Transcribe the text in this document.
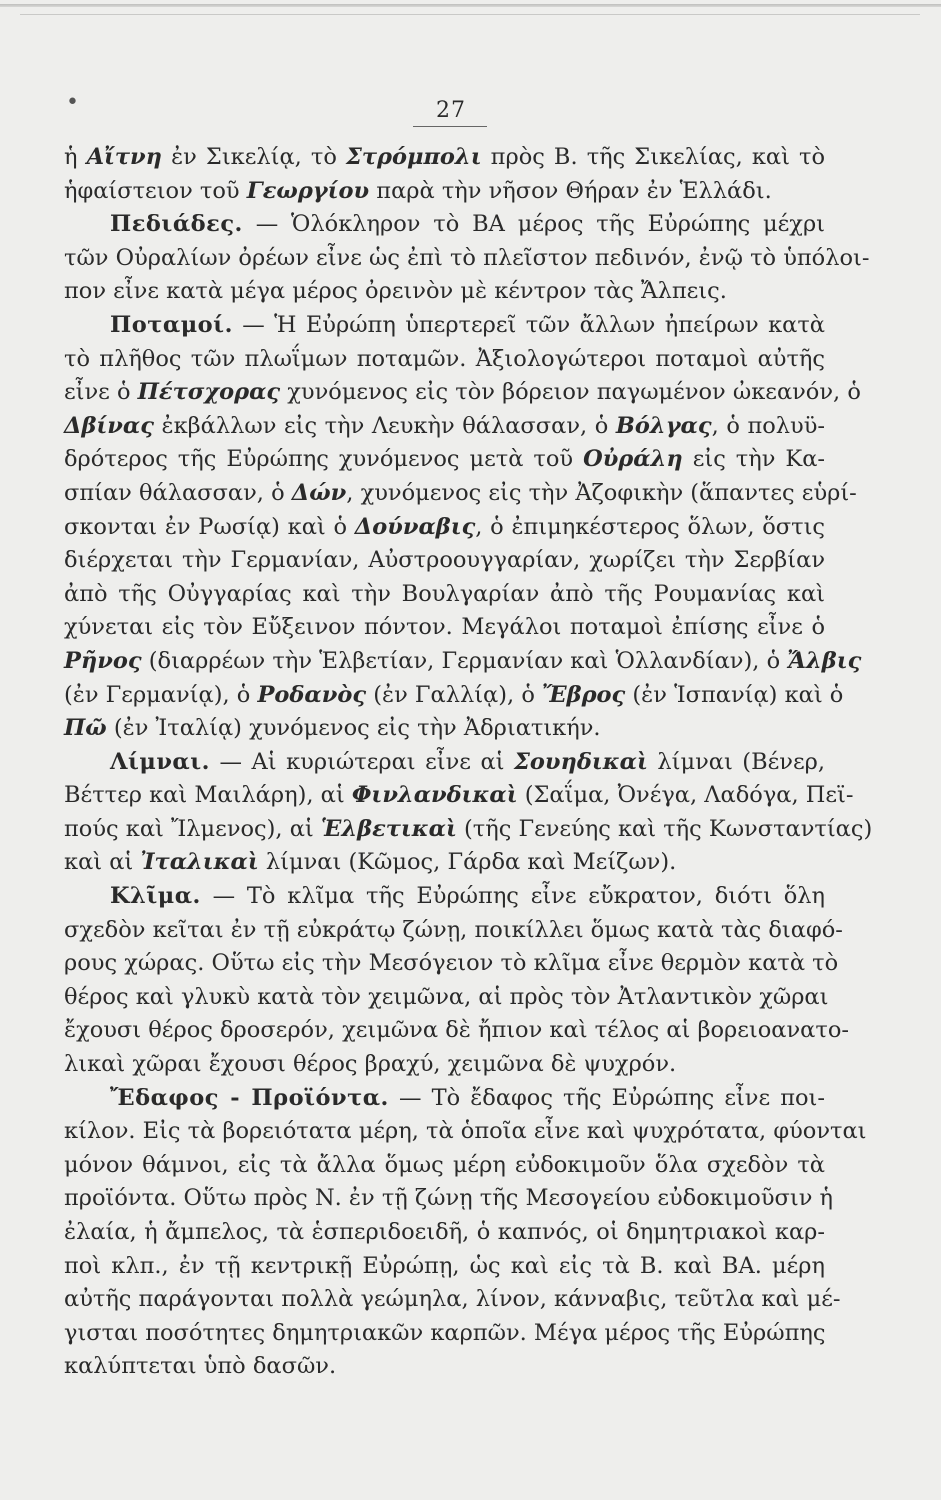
27
•
ἡ Αἴτνη ἐν Σικελίᾳ, τὸ Στρόμπολι πρὸς Β. τῆς Σικελίας, καὶ τὸ
ἡφαίστειον τοῦ Γεωργίου παρὰ τὴν νῆσον Θήραν ἐν Ἑλλάδι.
Πεδιάδες. — Ὁλόκληρον τὸ ΒΑ μέρος τῆς Εὐρώπης μέχρι
τῶν Οὐραλίων ὀρέων εἶνε ὡς ἐπὶ τὸ πλεῖστον πεδινόν, ἐνῷ τὸ ὑπόλοι-
πον εἶνε κατὰ μέγα μέρος ὀρεινὸν μὲ κέντρον τὰς Ἄλπεις.
Ποταμοί. — Ἡ Εὐρώπη ὑπερτερεῖ τῶν ἄλλων ἠπείρων κατὰ
τὸ πλῆθος τῶν πλωΐμων ποταμῶν. Ἀξιολογώτεροι ποταμοὶ αὐτῆς
εἶνε ὁ Πέτσχορας χυνόμενος εἰς τὸν βόρειον παγωμένον ὠκεανόν, ὁ
Δβίνας ἐκβάλλων εἰς τὴν Λευκὴν θάλασσαν, ὁ Βόλγας, ὁ πολυϋ-
δρότερος τῆς Εὐρώπης χυνόμενος μετὰ τοῦ Οὐράλη εἰς τὴν Κα-
σπίαν θάλασσαν, ὁ Δών, χυνόμενος εἰς τὴν Ἀζοφικὴν (ἅπαντες εὑρί-
σκονται ἐν Ρωσίᾳ) καὶ ὁ Δούναβις, ὁ ἐπιμηκέστερος ὅλων, ὅστις
διέρχεται τὴν Γερμανίαν, Αὐστροουγγαρίαν, χωρίζει τὴν Σερβίαν
ἀπὸ τῆς Οὐγγαρίας καὶ τὴν Βουλγαρίαν ἀπὸ τῆς Ρουμανίας καὶ
χύνεται εἰς τὸν Εὔξεινον πόντον. Μεγάλοι ποταμοὶ ἐπίσης εἶνε ὁ
Ρῆνος (διαρρέων τὴν Ἑλβετίαν, Γερμανίαν καὶ Ὁλλανδίαν), ὁ Ἄλβις
(ἐν Γερμανίᾳ), ὁ Ροδανὸς (ἐν Γαλλίᾳ), ὁ Ἔβρος (ἐν Ἱσπανίᾳ) καὶ ὁ
Πῶ (ἐν Ἰταλίᾳ) χυνόμενος εἰς τὴν Ἀδριατικήν.
Λίμναι. — Αἱ κυριώτεραι εἶνε αἱ Σουηδικαὶ λίμναι (Βένερ,
Βέττερ καὶ Μαιλάρη), αἱ Φινλανδικαὶ (Σαΐμα, Ὀνέγα, Λαδόγα, Πεϊ-
πούς καὶ Ἴλμενος), αἱ Ἑλβετικαὶ (τῆς Γενεύης καὶ τῆς Κωνσταντίας)
καὶ αἱ Ἰταλικαὶ λίμναι (Κῶμος, Γάρδα καὶ Μείζων).
Κλῖμα. — Τὸ κλῖμα τῆς Εὐρώπης εἶνε εὔκρατον, διότι ὅλη
σχεδὸν κεῖται ἐν τῇ εὐκράτῳ ζώνῃ, ποικίλλει ὅμως κατὰ τὰς διαφό-
ρους χώρας. Οὕτω εἰς τὴν Μεσόγειον τὸ κλῖμα εἶνε θερμὸν κατὰ τὸ
θέρος καὶ γλυκὺ κατὰ τὸν χειμῶνα, αἱ πρὸς τὸν Ἀτλαντικὸν χῶραι
ἔχουσι θέρος δροσερόν, χειμῶνα δὲ ἤπιον καὶ τέλος αἱ βορειοανατο-
λικαὶ χῶραι ἔχουσι θέρος βραχύ, χειμῶνα δὲ ψυχρόν.
Ἔδαφος - Προϊόντα. — Τὸ ἔδαφος τῆς Εὐρώπης εἶνε ποι-
κίλον. Εἰς τὰ βορειότατα μέρη, τὰ ὁποῖα εἶνε καὶ ψυχρότατα, φύονται
μόνον θάμνοι, εἰς τὰ ἄλλα ὅμως μέρη εὐδοκιμοῦν ὅλα σχεδὸν τὰ
προϊόντα. Οὕτω πρὸς Ν. ἐν τῇ ζώνῃ τῆς Μεσογείου εὐδοκιμοῦσιν ἡ
ἐλαία, ἡ ἄμπελος, τὰ ἑσπεριδοειδῆ, ὁ καπνός, οἱ δημητριακοὶ καρ-
ποὶ κλπ., ἐν τῇ κεντρικῇ Εὐρώπῃ, ὡς καὶ εἰς τὰ Β. καὶ ΒΑ. μέρη
αὐτῆς παράγονται πολλὰ γεώμηλα, λίνον, κάνναβις, τεῦτλα καὶ μέ-
γισται ποσότητες δημητριακῶν καρπῶν. Μέγα μέρος τῆς Εὐρώπης
καλύπτεται ὑπὸ δασῶν.
